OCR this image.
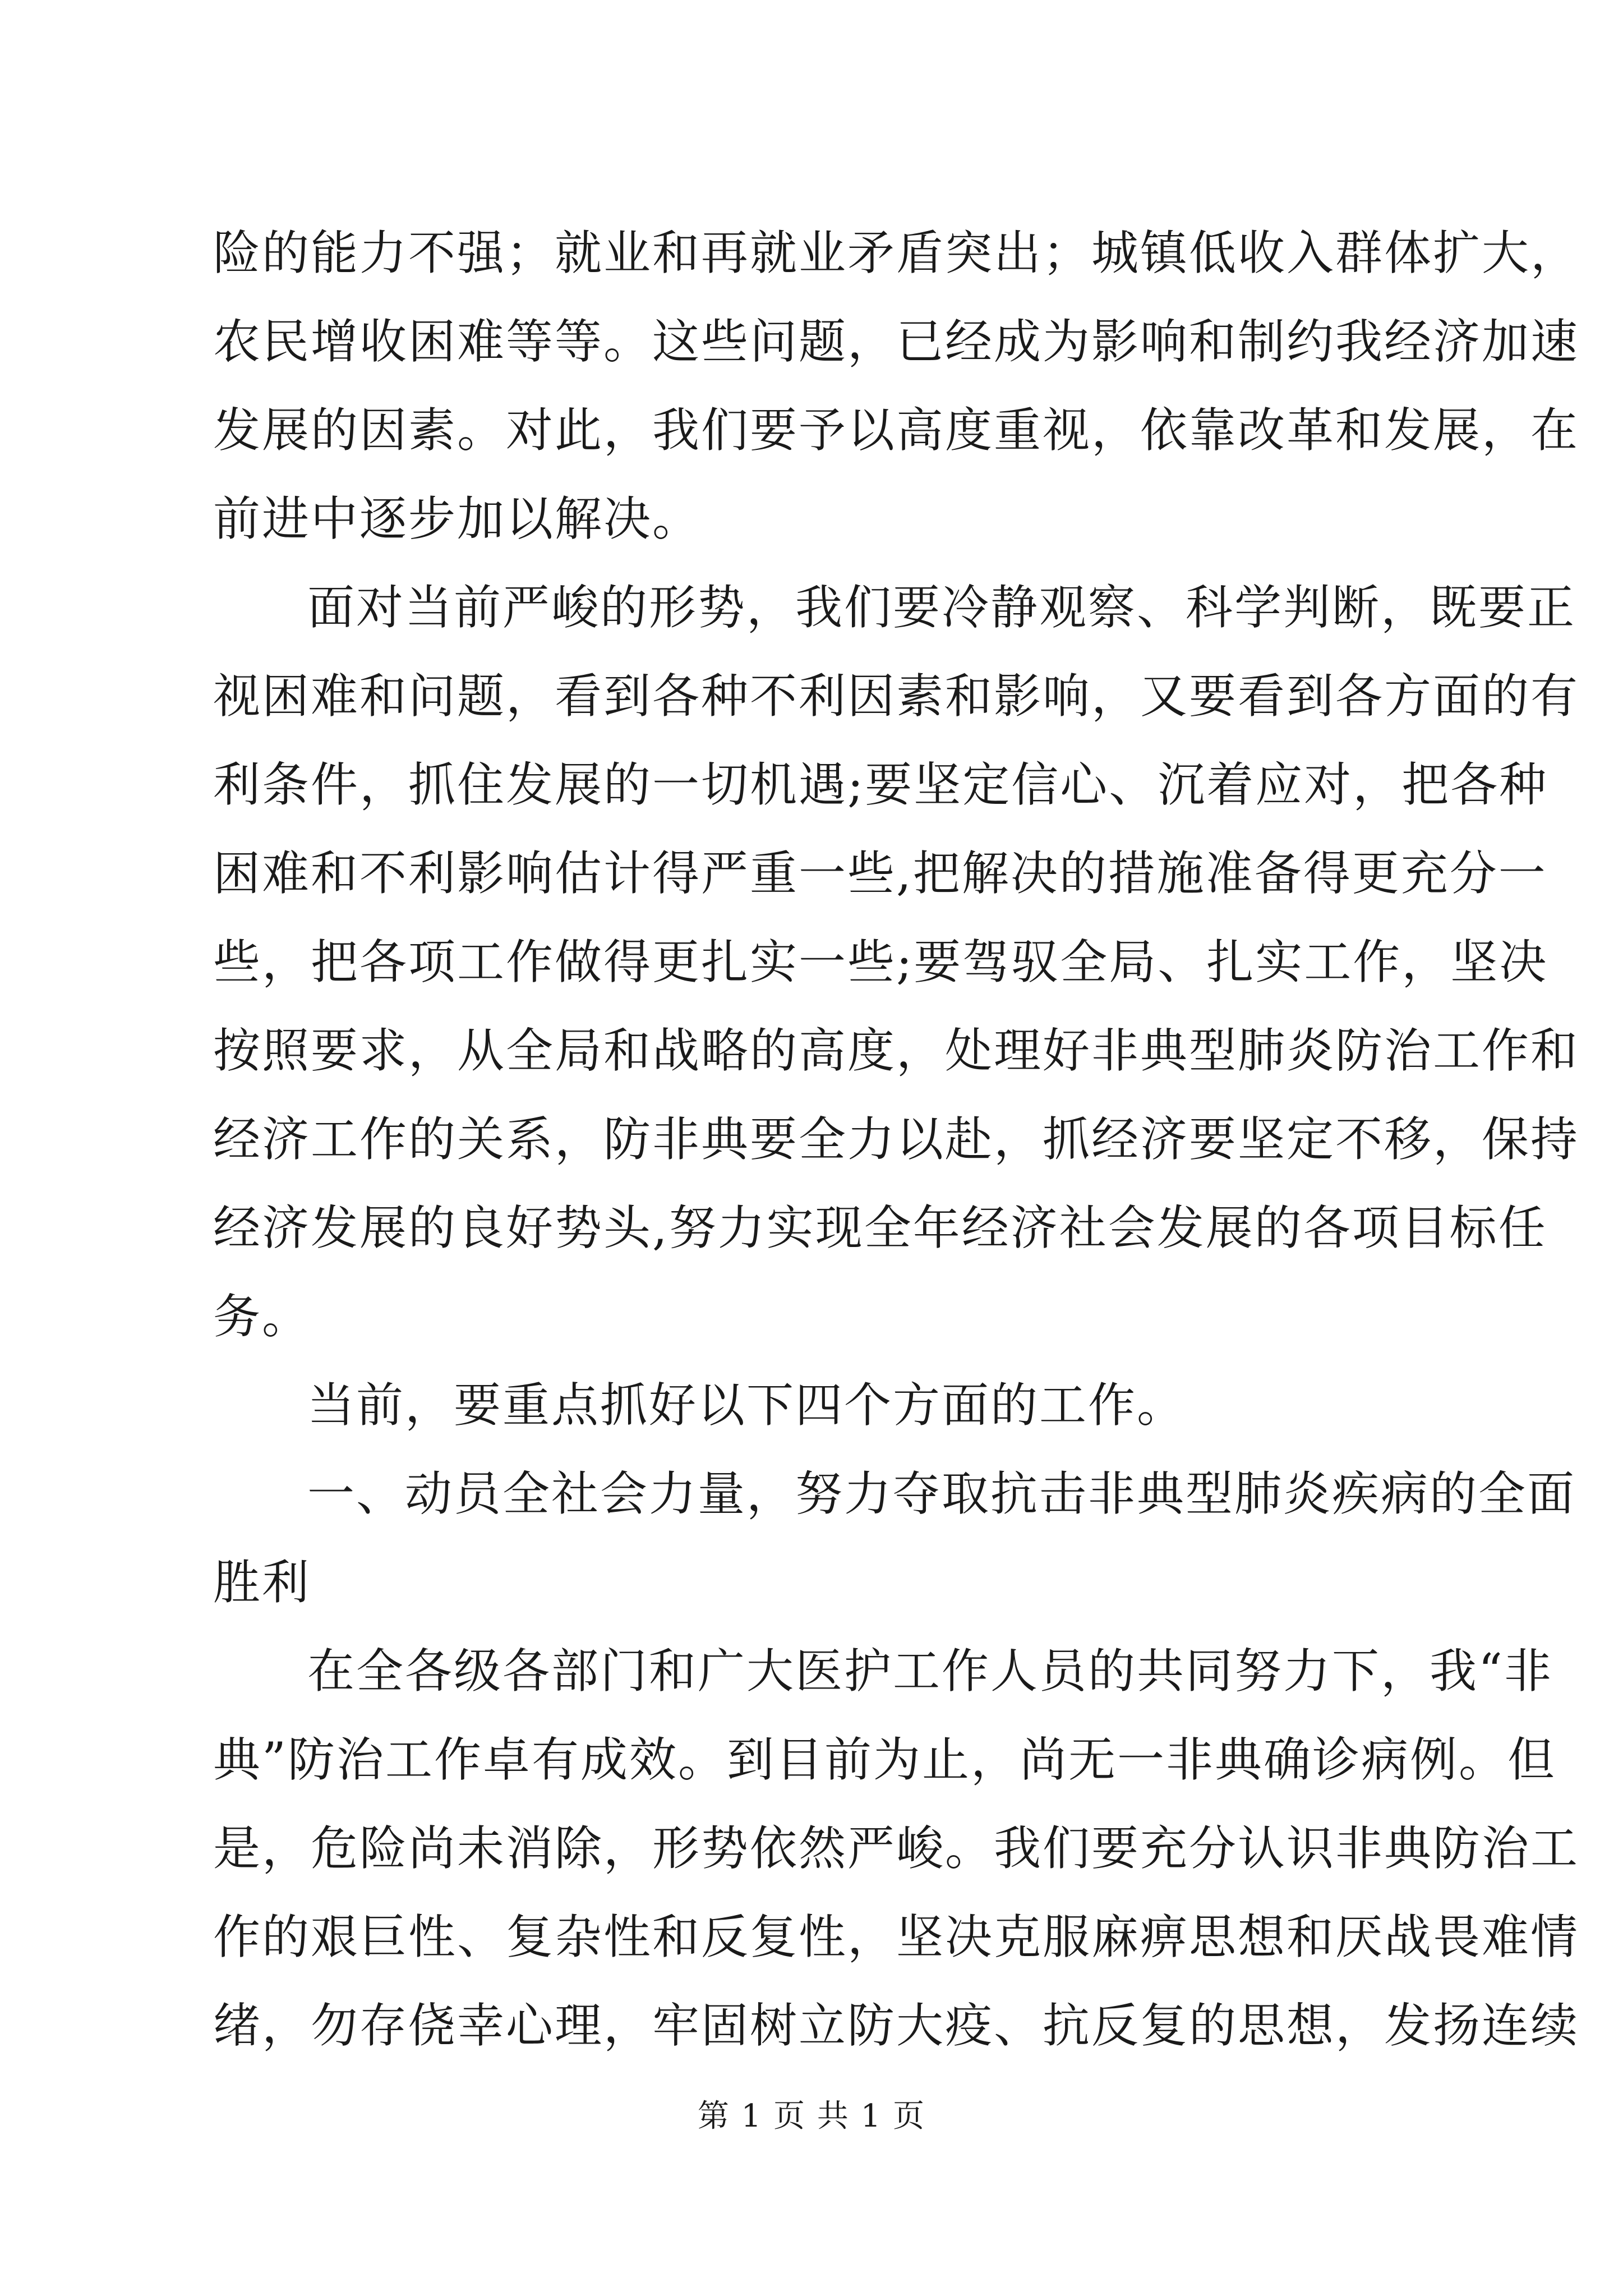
险的能力不强；就业和再就业矛盾突出；城镇低收入群体扩大，
农民增收困难等等。这些问题，已经成为影响和制约我经济加速
发展的因素。对此，我们要予以高度重视，依靠改革和发展，在
前进中逐步加以解决。
面对当前严峻的形势，我们要冷静观察、科学判断，既要正
视困难和问题，看到各种不利因素和影响，又要看到各方面的有
利条件，抓住发展的一切机遇;要坚定信心、沉着应对，把各种
困难和不利影响估计得严重一些,把解决的措施准备得更充分一
些，把各项工作做得更扎实一些;要驾驭全局、扎实工作，坚决
按照要求，从全局和战略的高度，处理好非典型肺炎防治工作和
经济工作的关系，防非典要全力以赴，抓经济要坚定不移，保持
经济发展的良好势头,努力实现全年经济社会发展的各项目标任
务。
当前，要重点抓好以下四个方面的工作。
一、动员全社会力量，努力夺取抗击非典型肺炎疾病的全面
胜利
在全各级各部门和广大医护工作人员的共同努力下，我“非
典”防治工作卓有成效。到目前为止，尚无一非典确诊病例。但
是，危险尚未消除，形势依然严峻。我们要充分认识非典防治工
作的艰巨性、复杂性和反复性，坚决克服麻痹思想和厌战畏难情
绪，勿存侥幸心理，牢固树立防大疫、抗反复的思想，发扬连续
第 1 页 共 1 页
